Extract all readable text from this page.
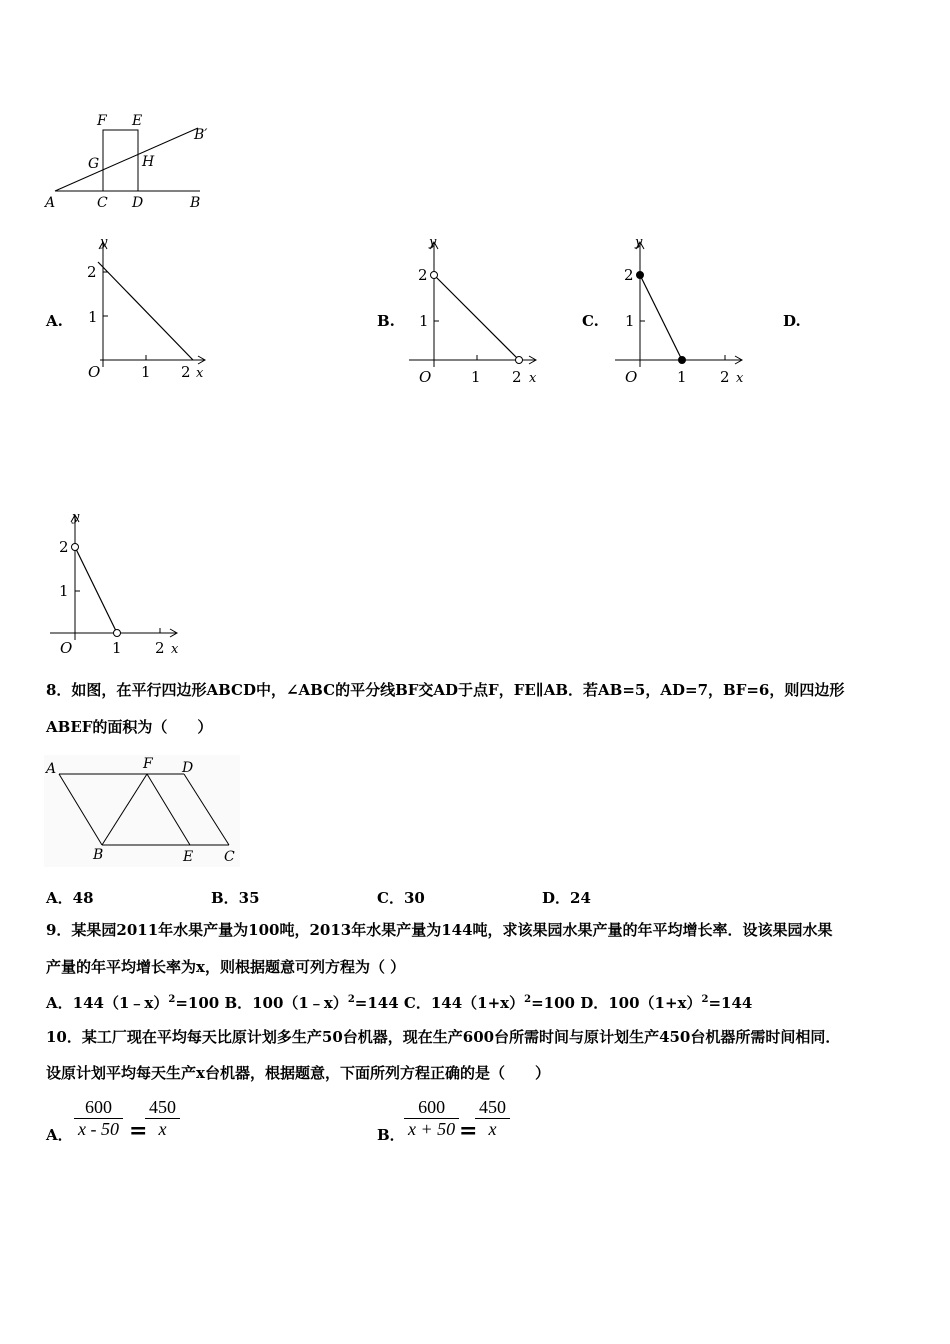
F E
B′
G	H
A	C D	B
A.	B.	C.	D.
y
2
1
O	1 2 x
y
2
1
O	1 2 x
y
2
1
O	1 2 x
y
2
1
O	1 2 x
8．如图，在平行四边形ABCD中，∠ABC的平分线BF交AD于点F，FE∥AB．若AB=5，AD=7，BF=6，则四边形
ABEF的面积为（　　）
A	F D
B	E C
A．48	B．35	C．30	D．24
9．某果园2011年水果产量为100吨，2013年水果产量为144吨，求该果园水果产量的年平均增长率．设该果园水果
产量的年平均增长率为x，则根据题意可列方程为（ ）
A．144（1﹣x）$^2$=100 B．100（1﹣x）$^2$=144 C．$144(1+x)^2=100$ D．$100(1+x)^2=144$
10．某工厂现在平均每天比原计划多生产50台机器，现在生产600台所需时间与原计划生产450台机器所需时间相同．
设原计划平均每天生产x台机器，根据题意，下面所列方程正确的是（　　）
A． $\frac{600}{x - 50}$ =
$\frac{450}{x}$	B． $\frac{600}{x + 50}$ =
$\frac{450}{x}$
